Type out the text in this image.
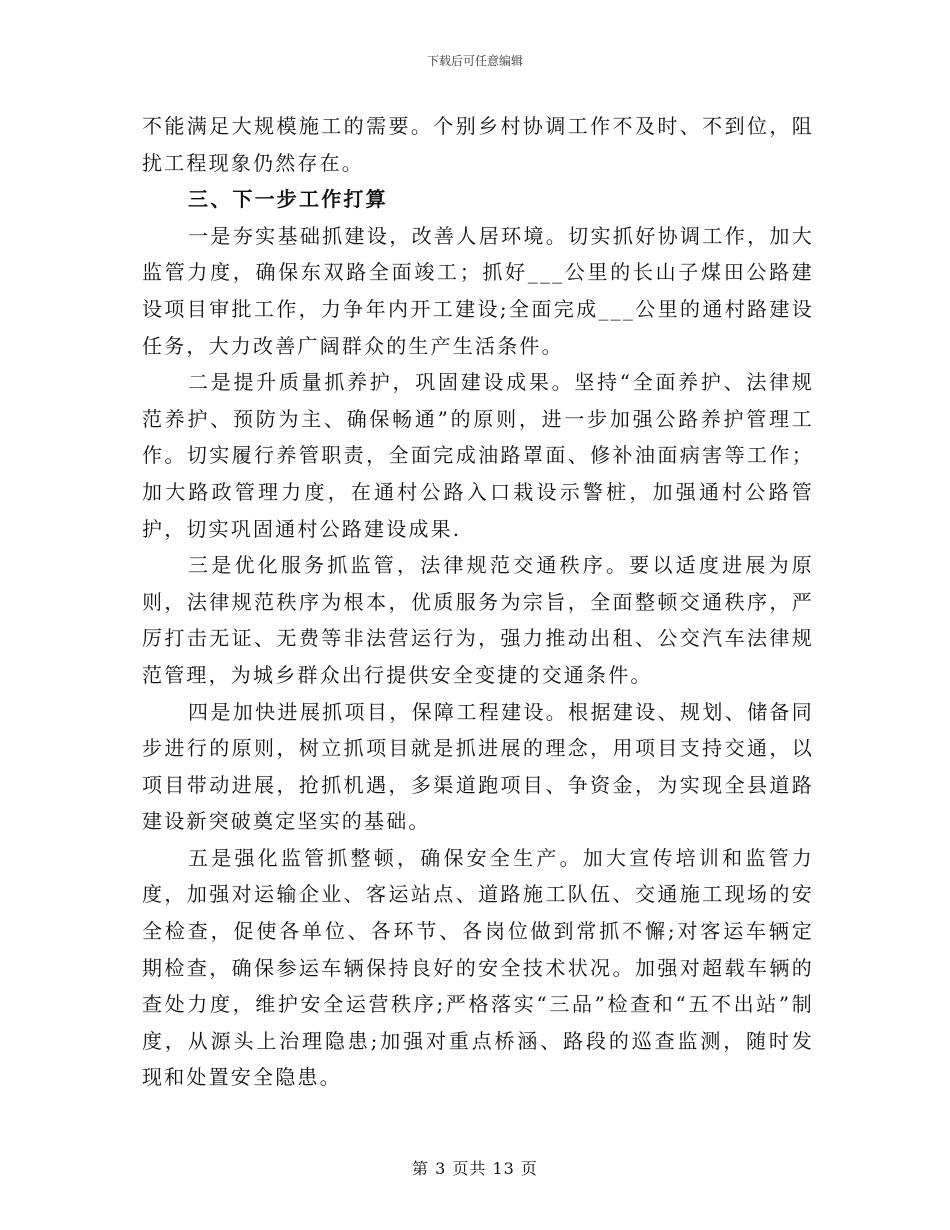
下载后可任意编辑

不能满足大规模施工的需要。个别乡村协调工作不及时、不到位，阻扰工程现象仍然存在。

三、下一步工作打算

一是夯实基础抓建设，改善人居环境。切实抓好协调工作，加大监管力度，确保东双路全面竣工；抓好___公里的长山子煤田公路建设项目审批工作，力争年内开工建设;全面完成___公里的通村路建设任务，大力改善广阔群众的生产生活条件。

二是提升质量抓养护，巩固建设成果。坚持“全面养护、法律规范养护、预防为主、确保畅通”的原则，进一步加强公路养护管理工作。切实履行养管职责，全面完成油路罩面、修补油面病害等工作；加大路政管理力度，在通村公路入口栽设示警桩，加强通村公路管护，切实巩固通村公路建设成果.

三是优化服务抓监管，法律规范交通秩序。要以适度进展为原则，法律规范秩序为根本，优质服务为宗旨，全面整顿交通秩序，严厉打击无证、无费等非法营运行为，强力推动出租、公交汽车法律规范管理，为城乡群众出行提供安全变捷的交通条件。

四是加快进展抓项目，保障工程建设。根据建设、规划、储备同步进行的原则，树立抓项目就是抓进展的理念，用项目支持交通，以项目带动进展，抢抓机遇，多渠道跑项目、争资金，为实现全县道路建设新突破奠定坚实的基础。

五是强化监管抓整顿，确保安全生产。加大宣传培训和监管力度，加强对运输企业、客运站点、道路施工队伍、交通施工现场的安全检查，促使各单位、各环节、各岗位做到常抓不懈;对客运车辆定期检查，确保参运车辆保持良好的安全技术状况。加强对超载车辆的查处力度，维护安全运营秩序;严格落实“三品”检查和“五不出站”制度，从源头上治理隐患;加强对重点桥涵、路段的巡查监测，随时发现和处置安全隐患。

第 3 页共 13 页
